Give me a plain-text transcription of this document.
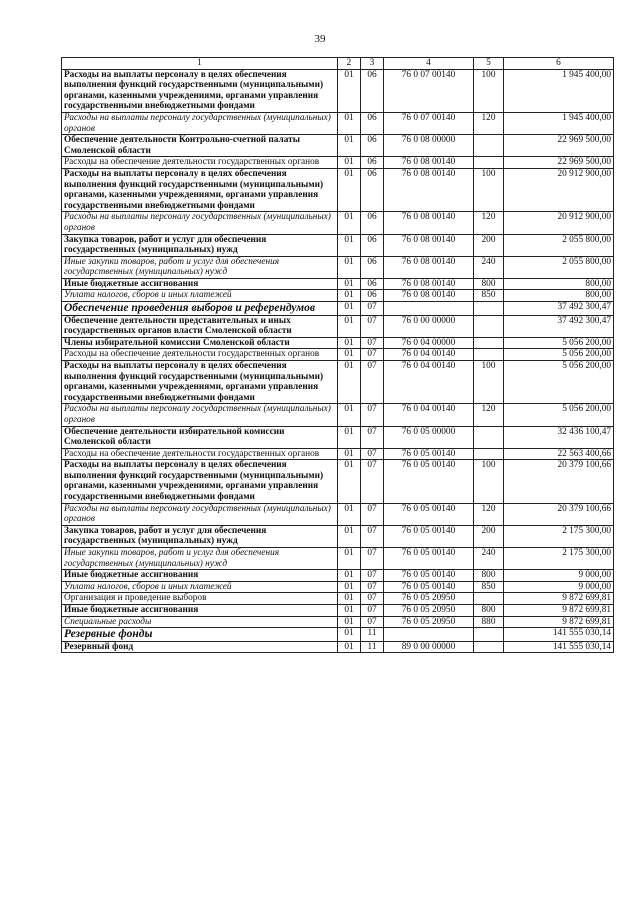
39
1	2	3	4	5	6
Расходы на выплаты персоналу в целях обеспечения выполнения функций государственными (муниципальными) органами, казенными учреждениями, органами управления государственными внебюджетными фондами	01	06	76 0 07 00140	100	1 945 400,00
Расходы на выплаты персоналу государственных (муниципальных) органов	01	06	76 0 07 00140	120	1 945 400,00
Обеспечение деятельности Контрольно-счетной палаты Смоленской области	01	06	76 0 08 00000		22 969 500,00
Расходы на обеспечение деятельности государственных органов	01	06	76 0 08 00140		22 969 500,00
Расходы на выплаты персоналу в целях обеспечения выполнения функций государственными (муниципальными) органами, казенными учреждениями, органами управления государственными внебюджетными фондами	01	06	76 0 08 00140	100	20 912 900,00
Расходы на выплаты персоналу государственных (муниципальных) органов	01	06	76 0 08 00140	120	20 912 900,00
Закупка товаров, работ и услуг для обеспечения государственных (муниципальных) нужд	01	06	76 0 08 00140	200	2 055 800,00
Иные закупки товаров, работ и услуг для обеспечения государственных (муниципальных) нужд	01	06	76 0 08 00140	240	2 055 800,00
Иные бюджетные ассигнования	01	06	76 0 08 00140	800	800,00
Уплата налогов, сборов и иных платежей	01	06	76 0 08 00140	850	800,00
Обеспечение проведения выборов и референдумов	01	07			37 492 300,47
Обеспечение деятельности представительных и иных государственных органов власти Смоленской области	01	07	76 0 00 00000		37 492 300,47
Члены избирательной комиссии Смоленской области	01	07	76 0 04 00000		5 056 200,00
Расходы на обеспечение деятельности государственных органов	01	07	76 0 04 00140		5 056 200,00
Расходы на выплаты персоналу в целях обеспечения выполнения функций государственными (муниципальными) органами, казенными учреждениями, органами управления государственными внебюджетными фондами	01	07	76 0 04 00140	100	5 056 200,00
Расходы на выплаты персоналу государственных (муниципальных) органов	01	07	76 0 04 00140	120	5 056 200,00
Обеспечение деятельности избирательной комиссии Смоленской области	01	07	76 0 05 00000		32 436 100,47
Расходы на обеспечение деятельности государственных органов	01	07	76 0 05 00140		22 563 400,66
Расходы на выплаты персоналу в целях обеспечения выполнения функций государственными (муниципальными) органами, казенными учреждениями, органами управления государственными внебюджетными фондами	01	07	76 0 05 00140	100	20 379 100,66
Расходы на выплаты персоналу государственных (муниципальных) органов	01	07	76 0 05 00140	120	20 379 100,66
Закупка товаров, работ и услуг для обеспечения государственных (муниципальных) нужд	01	07	76 0 05 00140	200	2 175 300,00
Иные закупки товаров, работ и услуг для обеспечения государственных (муниципальных) нужд	01	07	76 0 05 00140	240	2 175 300,00
Иные бюджетные ассигнования	01	07	76 0 05 00140	800	9 000,00
Уплата налогов, сборов и иных платежей	01	07	76 0 05 00140	850	9 000,00
Организация и проведение выборов	01	07	76 0 05 20950		9 872 699,81
Иные бюджетные ассигнования	01	07	76 0 05 20950	800	9 872 699,81
Специальные расходы	01	07	76 0 05 20950	880	9 872 699,81
Резервные фонды	01	11			141 555 030,14
Резервный фонд	01	11	89 0 00 00000		141 555 030,14
